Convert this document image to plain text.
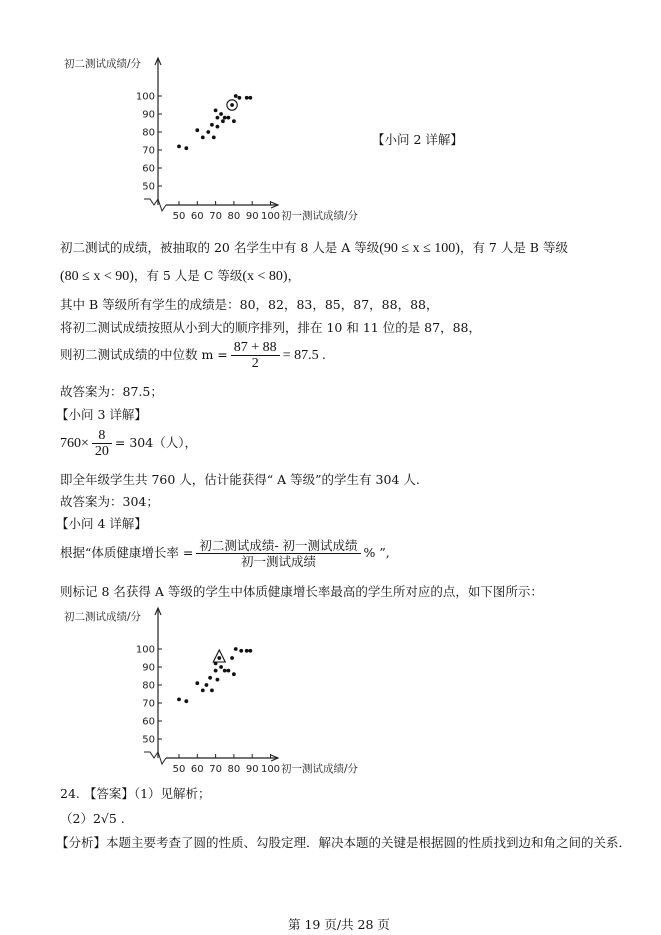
50
60
70
80
90
100
50 60 70 80 90 100
初二测试成绩/分
初一测试成绩/分
【小问 2 详解】
初二测试的成绩，被抽取的 20 名学生中有 8 人是 A 等级(90 ≤ x ≤ 100)，有 7 人是 B 等级
(80 ≤ x < 90)，有 5 人是 C 等级(x < 80)，
其中 B 等级所有学生的成绩是：80，82，83，85，87，88，88，
将初二测试成绩按照从小到大的顺序排列，排在 10 和 11 位的是 87，88，
则初二测试成绩的中位数 $m = \frac{87 + 88}{2} = 87.5$ .
故答案为：87.5；
【小问 3 详解】
$760\times \frac{8}{20} = 304$（人），
即全年级学生共 760 人，估计能获得“ A 等级”的学生有 304 人.
故答案为：304；
【小问 4 详解】
根据“体质健康增长率 = $\frac{\text{初二测试成绩- 初一测试成绩}}{\text{初一测试成绩}}$ % ”,
则标记 8 名获得 A 等级的学生中体质健康增长率最高的学生所对应的点，如下图所示：
50
60
70
80
90
100
50 60 70 80 90 100
初二测试成绩/分
初一测试成绩/分
24. 【答案】（1）见解析；
（2）2√5 .
【分析】本题主要考查了圆的性质、勾股定理．解决本题的关键是根据圆的性质找到边和角之间的关系．
第 19 页/共 28 页
